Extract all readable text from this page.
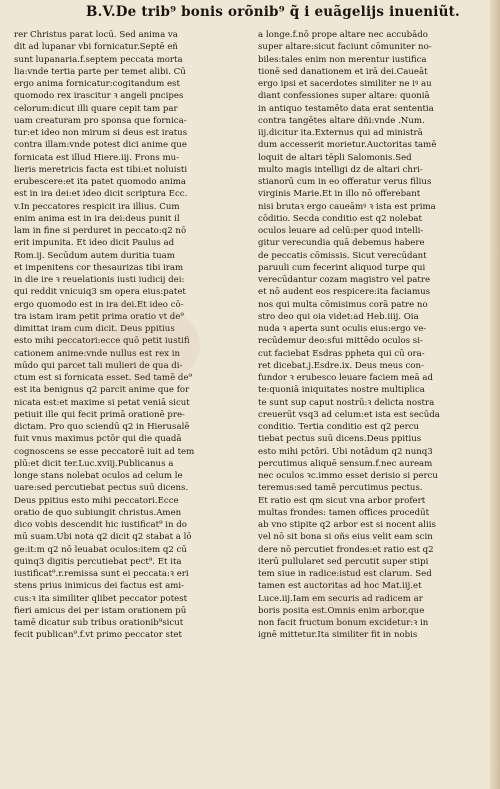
B.V.De trib⁹ bonis orõnib⁹ q̃ i euãgelijs inueniũt.
rer Christus parat locū. Sed anima va
dit ad lupanar vbi fornicatur.Septē eñ
sunt lupanaria.f.septem peccata morta
lia:vnde tertia parte per temet alibi. Cū
ergo anima fornicatur:cogitandum est
quomodo rex irascitur ꝛ angeli pncipes
celorum:dicut illi quare cepit tam par
uam creaturam pro sponsa que fornica-
tur:et ideo non mirum si deus est iratus
contra illam:vnde potest dici anime que
fornicata est illud Hiere.iij. Frons mu-
lieris meretricis facta est tibi:et noluisti
erubescere:et ita patet quomodo anima
est in ira dei:et ideo dicit scriptura Ecc.
v.In peccatores respicit ira illius. Cum
enim anima est in ira dei:deus punit il
lam in fine si perduret in peccato:q2 nō
erit impunita. Et ideo dicit Paulus ad
Rom.ij. Secūdum autem duritia tuam
et impenitens cor thesaurizas tibi iram
in die ire ꝛ reuelationis iusti iudicij dei:
qui reddit vnicuiq3 sm opera eius:patet
ergo quomodo est in ira dei.Et ideo cō-
tra istam iram petit prima oratio vt de⁹
dimittat iram cum dicit. Deus ppitius
esto mihi peccatori:ecce quō petit iustifi
cationem anime:vnde nullus est rex in
mūdo qui parcet tali mulieri de qua di-
ctum est si fornicata esset. Sed tamē de⁹
est ita benignus q2 parcit anime que for
nicata est:et maxime si petat veniā sicut
petiuit ille qui fecit primā orationē pre-
dictam. Pro quo sciendū q2 in Hierusalē
fuit vnus maximus pctōr qui die quadā
cognoscens se esse peccatorē iuit ad tem
plū:et dicit ter.Luc.xviij.Publicanus a
longe stans nolebat oculos ad celum le
uare:sed percutiebat pectus suū dicens.
Deus ppitius esto mihi peccatori.Ecce
oratio de quo subiungit christus.Amen
dico vobis descendit hic iustificat⁹ in do
mū suam.Ubi nota q2 dicit q2 stabat a lō
ge:it:m q2 nō leuabat oculos:item q2 cū
quinq3 digitis percutiebat pect⁹. Et ita
iustificat⁹.r.remissa sunt ei peccata:ꝛ eri
stens prius inimicus dei factus est ami-
cus:ꝛ ita similiter qlibet peccator potest
fieri amicus dei per istam orationem pū
tamē dicatur sub tribus orationib⁹sicut
fecit publican⁹.f.vt primo peccator stet
a longe.f.nō prope altare nec accubādo
super altare:sicut faciunt cōmuniter no-
biles:tales enim non merentur iustifica
tionē sed danationem et irā dei.Caueāt
ergo ipsi et sacerdotes similiter ne iꝰ au
diant confessiones super altare: quoniā
in antiquo testamēto data erat sententia
contra tangētes altare dñi:vnde .Num.
iij.dicitur ita.Externus qui ad ministrā
dum accesserit morietur.Auctoritas tamē
loquit de altari tēpli Salomonis.Sed
multo magis intelligi dz de altari chri-
stianorū cum in eo offeratur verus filius
virginis Marie.Et in illo nō offerebant
nisi brutaꝛ ergo caueāmꝰ ꝛ ista est prima
cōditio. Secda conditio est q2 nolebat
oculos leuare ad celū:per quod intelli-
gitur verecundia quā debemus habere
de peccatis cōmissis. Sicut verecūdant
paruuli cum fecerint aliquod turpe qui
verecūdantur cozam magistro vel patre
et nō audent eos respicere:ita faciamus
nos qui multa cōmisimus corā patre no
stro deo qui oia videt:ad Heb.iiij. Oia
nuda ꝛ aperta sunt oculis eius:ergo ve-
recūdemur deo:sfui mittēdo oculos si-
cut faciebat Esdras ppheta qui cū ora-
ret dicebat.j.Esdre.ix. Deus meus con-
fundor ꝛ erubesco leuare faciem meā ad
te:quoniā iniquitates nostre multiplica
te sunt sup caput nostrū:ꝛ delicta nostra
creuerūt vsq3 ad celum:et ista est secūda
conditio. Tertia conditio est q2 percu
tiebat pectus suū dicens.Deus ppitius
esto mihi pctōri. Ubi notādum q2 nunq3
percutimus aliquē sensum.f.nec auream
nec oculos ꝛc.immo esset derisio si percu
teremus:sed tamē percutimus pectus.
Et ratio est qm sicut vna arbor profert
multas frondes: tamen offices procedūt
ab vno stipite q2 arbor est si nocent aliis
vel nō sit bona si oñs eius velit eam scin
dere nō percutiet frondes:et ratio est q2
iterū pullularet sed percutit super stipi
tem siue in radice:istud est clarum. Sed
tamen est auctoritas ad hoc Mat.iij.et
Luce.iij.Iam em securis ad radicem ar
boris posita est.Omnis enim arbor,que
non facit fructum bonum excidetur:ꝛ in
ignē mittetur.Ita similiter fit in nobis
